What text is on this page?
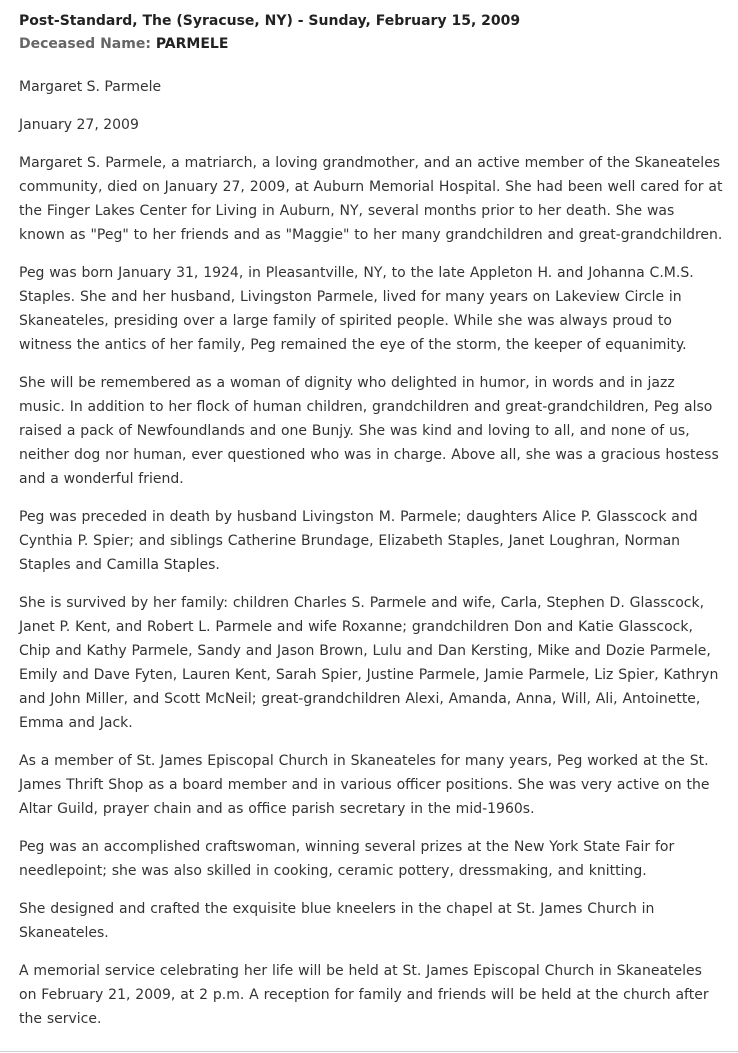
Post-Standard, The (Syracuse, NY) - Sunday, February 15, 2009
Deceased Name: PARMELE
Margaret S. Parmele
January 27, 2009

Margaret S. Parmele, a matriarch, a loving grandmother, and an active member of the Skaneateles community, died on January 27, 2009, at Auburn Memorial Hospital. She had been well cared for at the Finger Lakes Center for Living in Auburn, NY, several months prior to her death. She was known as "Peg" to her friends and as "Maggie" to her many grandchildren and great-grandchildren.

Peg was born January 31, 1924, in Pleasantville, NY, to the late Appleton H. and Johanna C.M.S. Staples. She and her husband, Livingston Parmele, lived for many years on Lakeview Circle in Skaneateles, presiding over a large family of spirited people. While she was always proud to witness the antics of her family, Peg remained the eye of the storm, the keeper of equanimity.

She will be remembered as a woman of dignity who delighted in humor, in words and in jazz music. In addition to her flock of human children, grandchildren and great-grandchildren, Peg also raised a pack of Newfoundlands and one Bunjy. She was kind and loving to all, and none of us, neither dog nor human, ever questioned who was in charge. Above all, she was a gracious hostess and a wonderful friend.

Peg was preceded in death by husband Livingston M. Parmele; daughters Alice P. Glasscock and Cynthia P. Spier; and siblings Catherine Brundage, Elizabeth Staples, Janet Loughran, Norman Staples and Camilla Staples.

She is survived by her family: children Charles S. Parmele and wife, Carla, Stephen D. Glasscock, Janet P. Kent, and Robert L. Parmele and wife Roxanne; grandchildren Don and Katie Glasscock, Chip and Kathy Parmele, Sandy and Jason Brown, Lulu and Dan Kersting, Mike and Dozie Parmele, Emily and Dave Fyten, Lauren Kent, Sarah Spier, Justine Parmele, Jamie Parmele, Liz Spier, Kathryn and John Miller, and Scott McNeil; great-grandchildren Alexi, Amanda, Anna, Will, Ali, Antoinette, Emma and Jack.

As a member of St. James Episcopal Church in Skaneateles for many years, Peg worked at the St. James Thrift Shop as a board member and in various officer positions. She was very active on the Altar Guild, prayer chain and as office parish secretary in the mid-1960s.

Peg was an accomplished craftswoman, winning several prizes at the New York State Fair for needlepoint; she was also skilled in cooking, ceramic pottery, dressmaking, and knitting.

She designed and crafted the exquisite blue kneelers in the chapel at St. James Church in Skaneateles.

A memorial service celebrating her life will be held at St. James Episcopal Church in Skaneateles on February 21, 2009, at 2 p.m. A reception for family and friends will be held at the church after the service.
